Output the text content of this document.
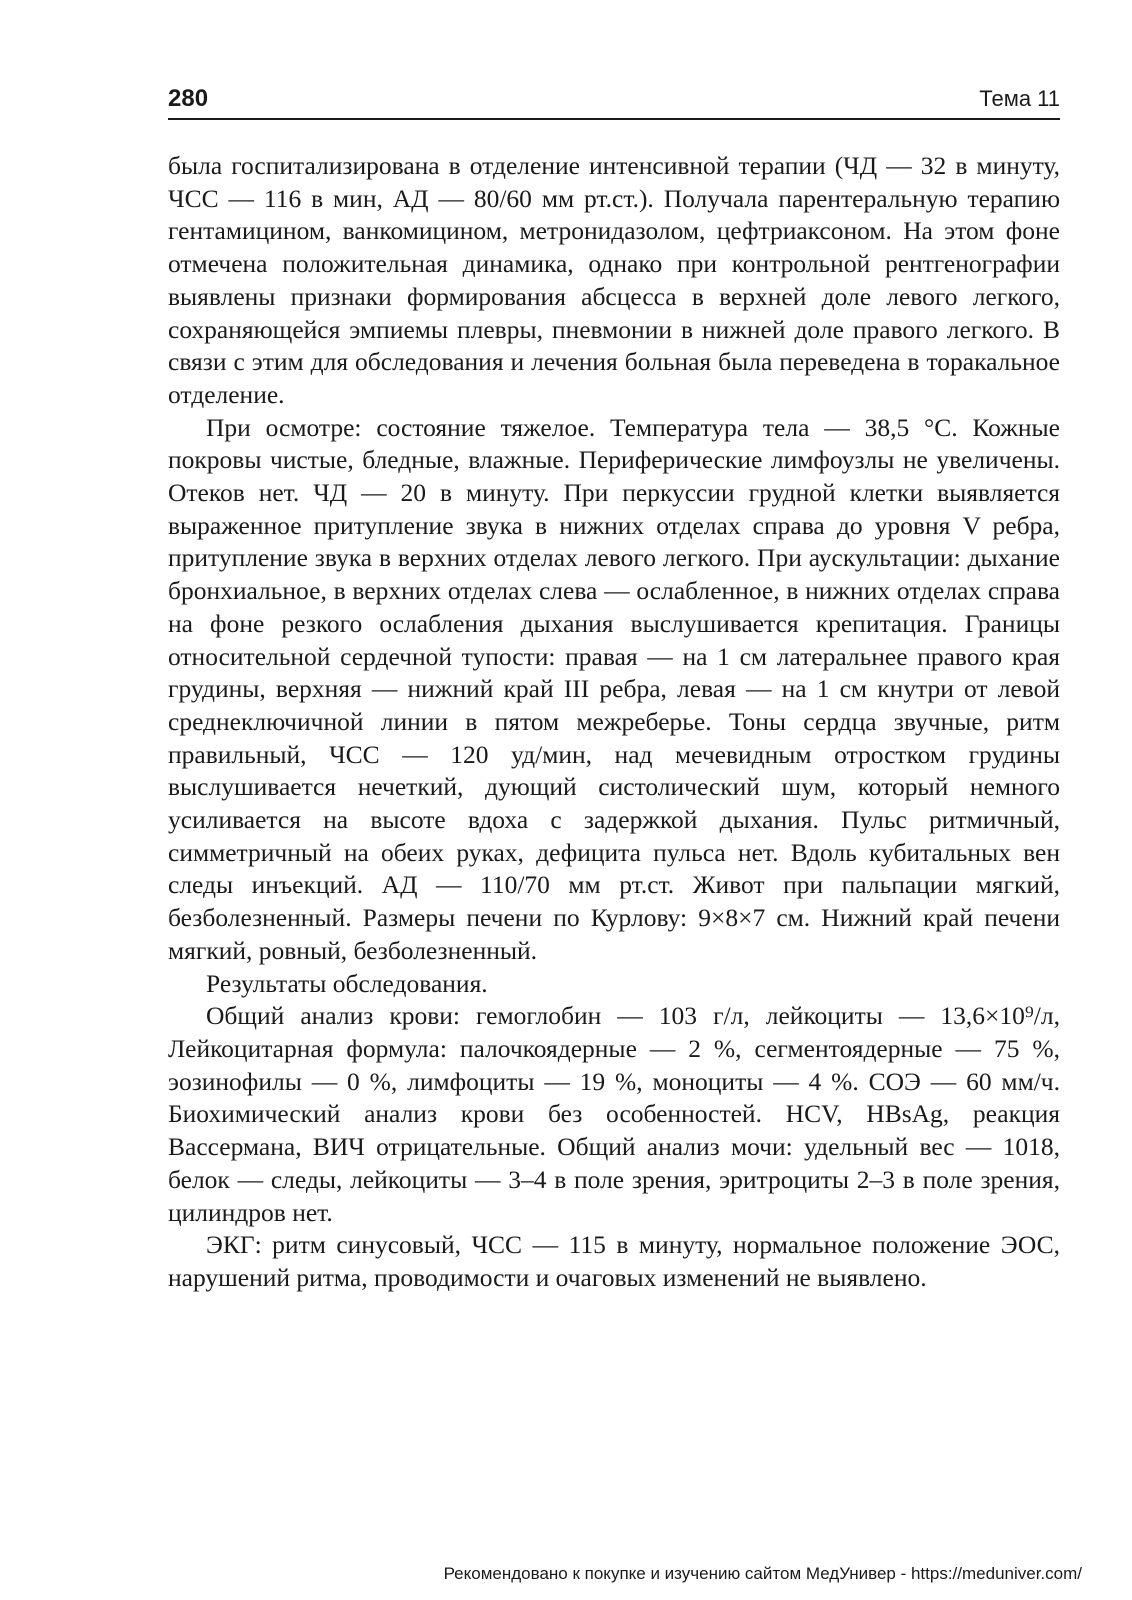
280	Тема 11

была госпитализирована в отделение интенсивной терапии (ЧД — 32 в минуту, ЧСС — 116 в мин, АД — 80/60 мм рт.ст.). Получала парентеральную терапию гентамицином, ванкомицином, метронидазолом, цефтриаксоном. На этом фоне отмечена положительная динамика, однако при контрольной рентгенографии выявлены признаки формирования абсцесса в верхней доле левого легкого, сохраняющейся эмпиемы плевры, пневмонии в нижней доле правого легкого. В связи с этим для обследования и лечения больная была переведена в торакальное отделение.

При осмотре: состояние тяжелое. Температура тела — 38,5 °С. Кожные покровы чистые, бледные, влажные. Периферические лимфоузлы не увеличены. Отеков нет. ЧД — 20 в минуту. При перкуссии грудной клетки выявляется выраженное притупление звука в нижних отделах справа до уровня V ребра, притупление звука в верхних отделах левого легкого. При аускультации: дыхание бронхиальное, в верхних отделах слева — ослабленное, в нижних отделах справа на фоне резкого ослабления дыхания выслушивается крепитация. Границы относительной сердечной тупости: правая — на 1 см латеральнее правого края грудины, верхняя — нижний край III ребра, левая — на 1 см кнутри от левой среднеключичной линии в пятом межреберье. Тоны сердца звучные, ритм правильный, ЧСС — 120 уд/мин, над мечевидным отростком грудины выслушивается нечеткий, дующий систолический шум, который немного усиливается на высоте вдоха с задержкой дыхания. Пульс ритмичный, симметричный на обеих руках, дефицита пульса нет. Вдоль кубитальных вен следы инъекций. АД — 110/70 мм рт.ст. Живот при пальпации мягкий, безболезненный. Размеры печени по Курлову: 9×8×7 см. Нижний край печени мягкий, ровный, безболезненный.

Результаты обследования.

Общий анализ крови: гемоглобин — 103 г/л, лейкоциты — 13,6×10⁹/л, Лейкоцитарная формула: палочкоядерные — 2 %, сегментоядерные — 75 %, эозинофилы — 0 %, лимфоциты — 19 %, моноциты — 4 %. СОЭ — 60 мм/ч. Биохимический анализ крови без особенностей. HCV, HBsAg, реакция Вассермана, ВИЧ отрицательные. Общий анализ мочи: удельный вес — 1018, белок — следы, лейкоциты — 3–4 в поле зрения, эритроциты 2–3 в поле зрения, цилиндров нет.

ЭКГ: ритм синусовый, ЧСС — 115 в минуту, нормальное положение ЭОС, нарушений ритма, проводимости и очаговых изменений не выявлено.

Рекомендовано к покупке и изучению сайтом МедУнивер - https://meduniver.com/
